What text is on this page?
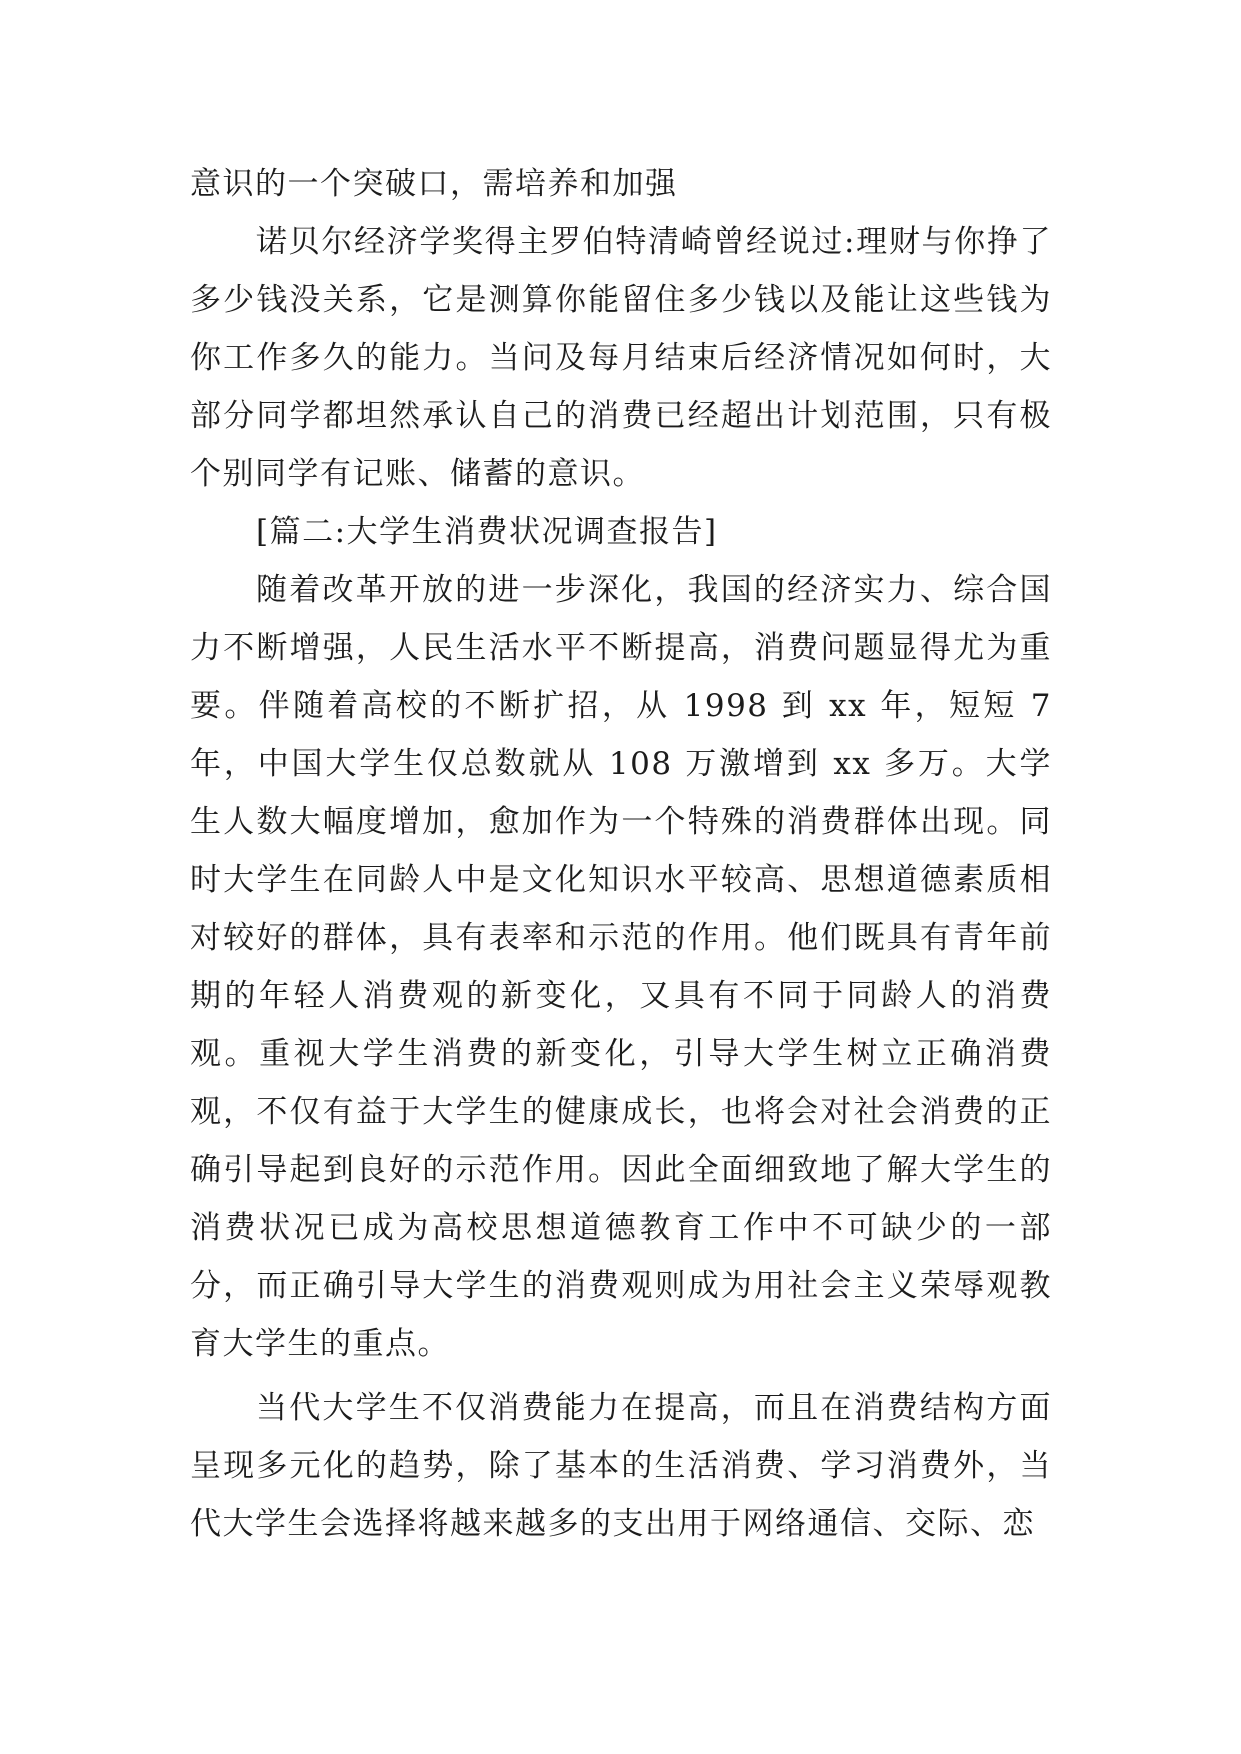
意识的一个突破口，需培养和加强

诺贝尔经济学奖得主罗伯特清崎曾经说过:理财与你挣了多少钱没关系，它是测算你能留住多少钱以及能让这些钱为你工作多久的能力。当问及每月结束后经济情况如何时，大部分同学都坦然承认自己的消费已经超出计划范围，只有极个别同学有记账、储蓄的意识。

[篇二:大学生消费状况调查报告]

随着改革开放的进一步深化，我国的经济实力、综合国力不断增强，人民生活水平不断提高，消费问题显得尤为重要。伴随着高校的不断扩招，从 1998 到 xx 年，短短 7 年，中国大学生仅总数就从 108 万激增到 xx 多万。大学生人数大幅度增加，愈加作为一个特殊的消费群体出现。同时大学生在同龄人中是文化知识水平较高、思想道德素质相对较好的群体，具有表率和示范的作用。他们既具有青年前期的年轻人消费观的新变化，又具有不同于同龄人的消费观。重视大学生消费的新变化，引导大学生树立正确消费观，不仅有益于大学生的健康成长，也将会对社会消费的正确引导起到良好的示范作用。因此全面细致地了解大学生的消费状况已成为高校思想道德教育工作中不可缺少的一部分，而正确引导大学生的消费观则成为用社会主义荣辱观教育大学生的重点。

当代大学生不仅消费能力在提高，而且在消费结构方面呈现多元化的趋势，除了基本的生活消费、学习消费外，当代大学生会选择将越来越多的支出用于网络通信、交际、恋
